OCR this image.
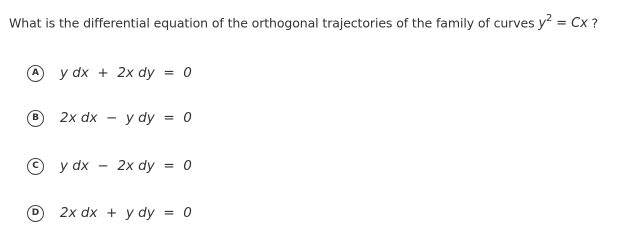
What is the differential equation of the orthogonal trajectories of the family of curves $y^2 = Cx$ ?
A	y dx  +  2x dy  =  0
B	2x dx  −  y dy  =  0
C	y dx  −  2x dy  =  0
D	2x dx  +  y dy  =  0
